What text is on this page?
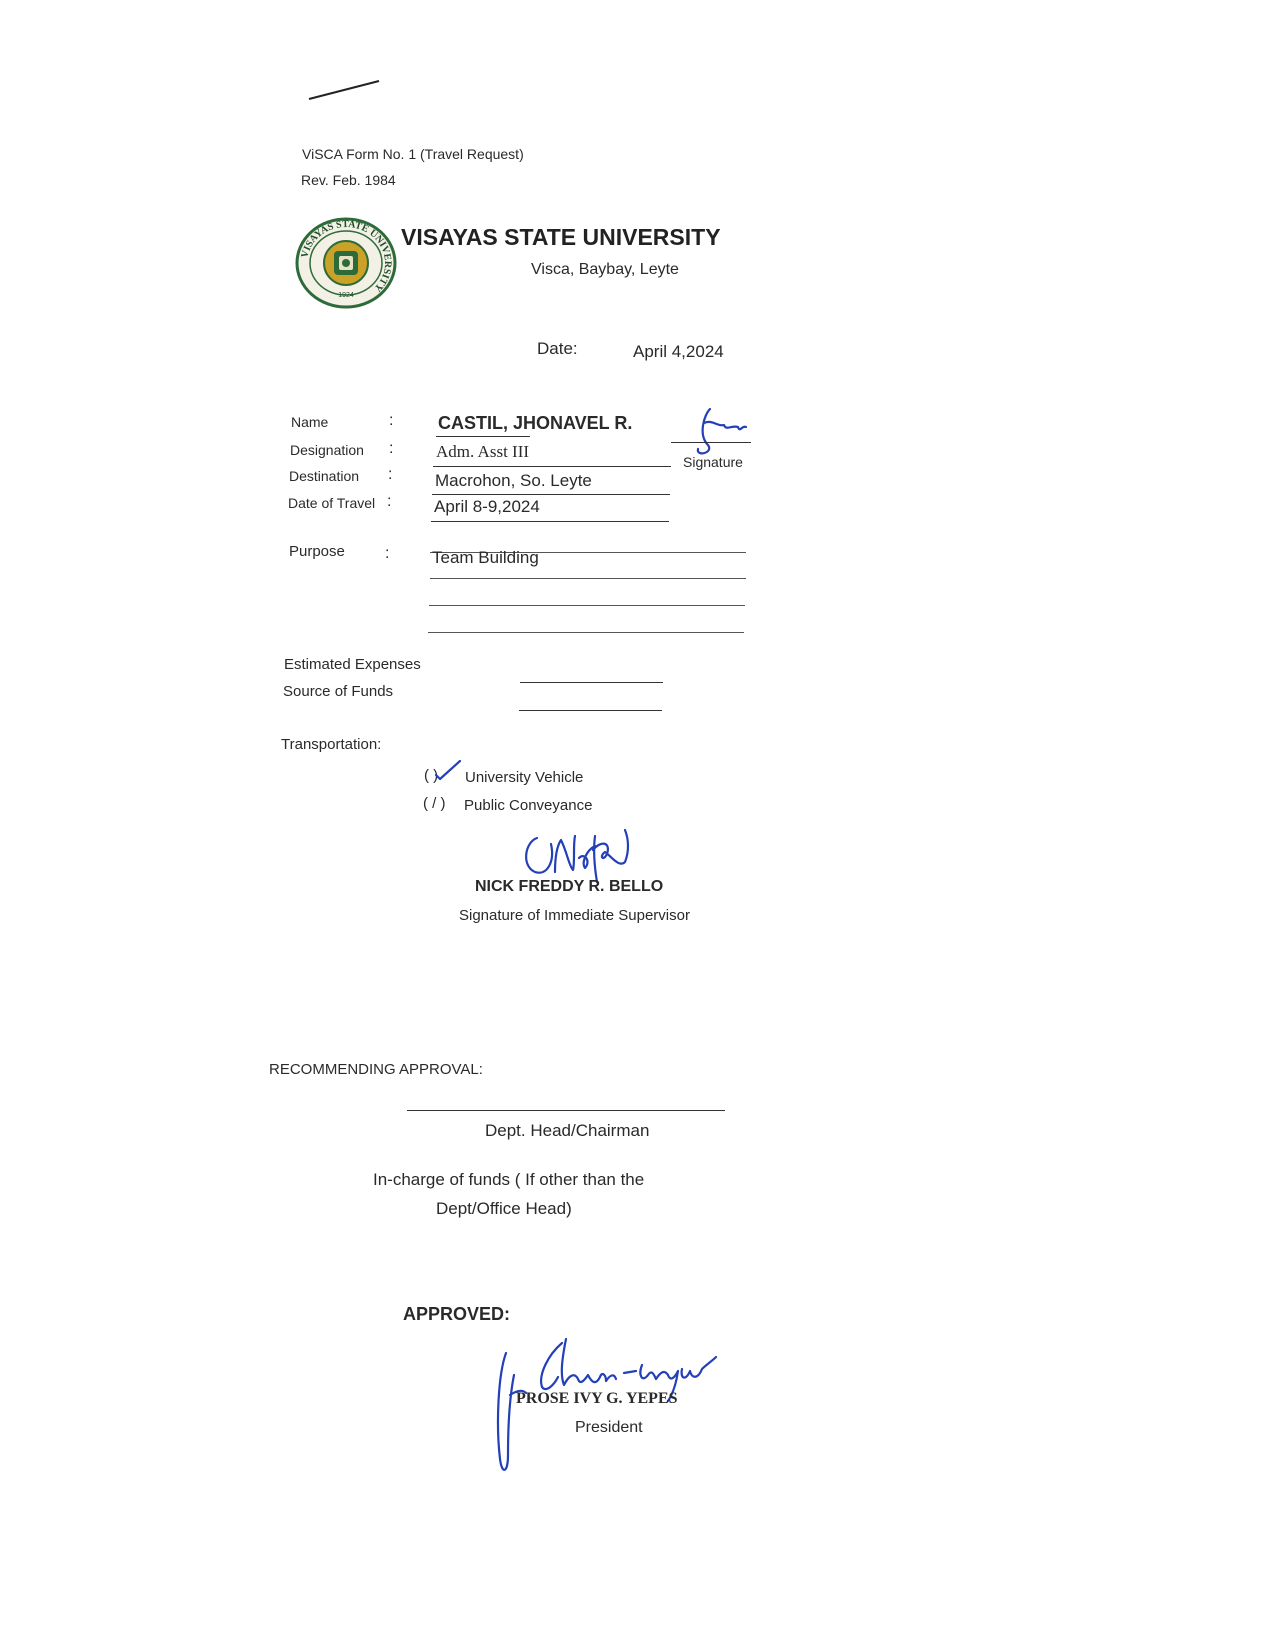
ViSCA Form No. 1 (Travel Request)
Rev. Feb. 1984
VISAYAS STATE UNIVERSITY
1924
VISAYAS STATE UNIVERSITY
Visca, Baybay, Leyte
Date:	April 4,2024
Name	: CASTIL, JHONAVEL R.
Designation :	Adm. Asst III
Destination :	Macrohon, So. Leyte
Date of Travel :	April 8-9,2024
Signature
Purpose	:	Team Building
Estimated Expenses
Source of Funds
Transportation:
( ) University Vehicle
( / ) Public Conveyance
NICK FREDDY R. BELLO
Signature of Immediate Supervisor
RECOMMENDING APPROVAL:
Dept. Head/Chairman
In-charge of funds ( If other than the
Dept/Office Head)
APPROVED:
PROSE IVY G. YEPES
President
